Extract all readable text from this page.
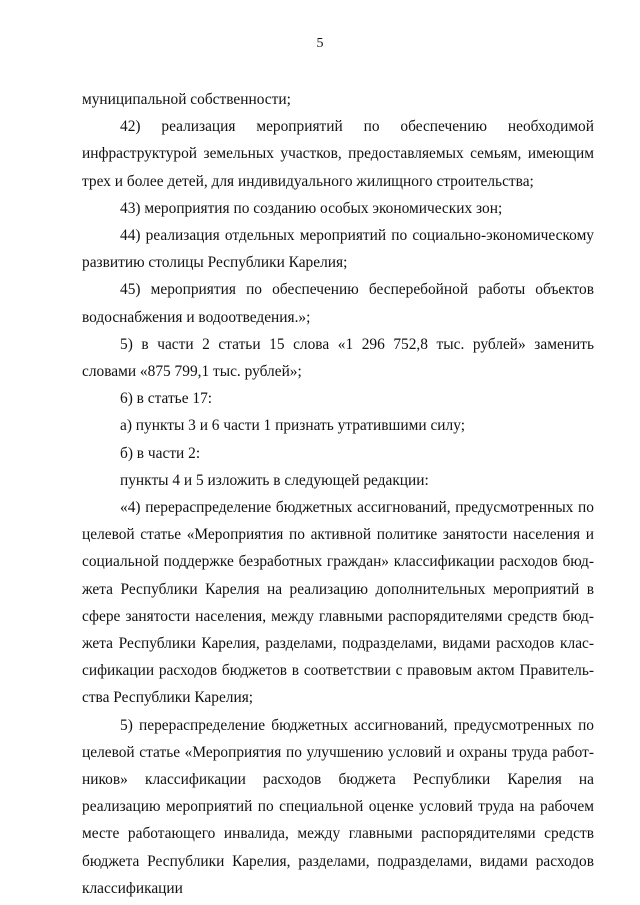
5

муниципальной собственности;

42) реализация мероприятий по обеспечению необходимой инфраструктурой земельных участков, предоставляемых семьям, имеющим трех и более детей, для индивидуального жилищного строительства;

43) мероприятия по созданию особых экономических зон;

44) реализация отдельных мероприятий по социально-экономическому развитию столицы Республики Карелия;

45) мероприятия по обеспечению бесперебойной работы объектов водоснабжения и водоотведения.»;

5) в части 2 статьи 15 слова «1 296 752,8 тыс. рублей» заменить словами «875 799,1 тыс. рублей»;

6) в статье 17:

а) пункты 3 и 6 части 1 признать утратившими силу;

б) в части 2:

пункты 4 и 5 изложить в следующей редакции:

«4) перераспределение бюджетных ассигнований, предусмотренных по целевой статье «Мероприятия по активной политике занятости населения и социальной поддержке безработных граждан» классификации расходов бюджета Республики Карелия на реализацию дополнительных мероприятий в сфере занятости населения, между главными распорядителями средств бюджета Республики Карелия, разделами, подразделами, видами расходов классификации расходов бюджетов в соответствии с правовым актом Правительства Республики Карелия;

5) перераспределение бюджетных ассигнований, предусмотренных по целевой статье «Мероприятия по улучшению условий и охраны труда работников» классификации расходов бюджета Республики Карелия на реализацию мероприятий по специальной оценке условий труда на рабочем месте работающего инвалида, между главными распорядителями средств бюджета Республики Карелия, разделами, подразделами, видами расходов классификации
